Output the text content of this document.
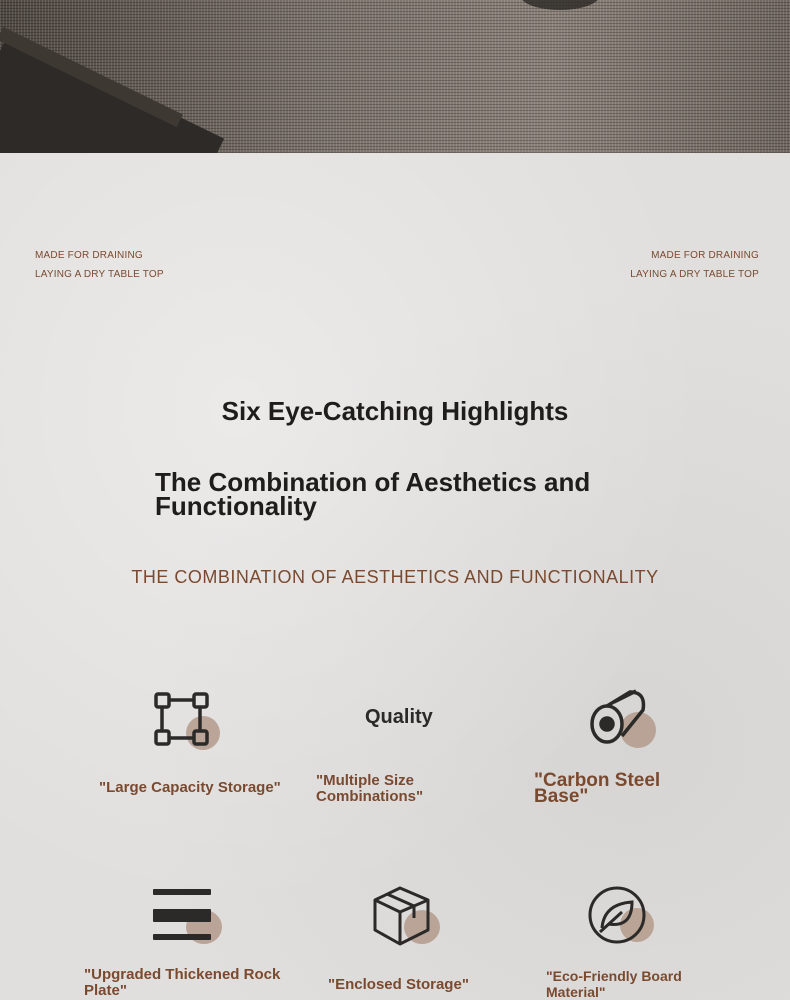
MADE FOR DRAINING
LAYING A DRY TABLE TOP
MADE FOR DRAINING
LAYING A DRY TABLE TOP
Six Eye-Catching Highlights
The Combination of Aesthetics and Functionality
THE COMBINATION OF AESTHETICS AND FUNCTIONALITY
Quality
"Large Capacity Storage" "Multiple Size Combinations"
"Carbon Steel Base"
"Upgraded Thickened Rock Plate"	"Enclosed Storage"	"Eco-Friendly Board Material"
